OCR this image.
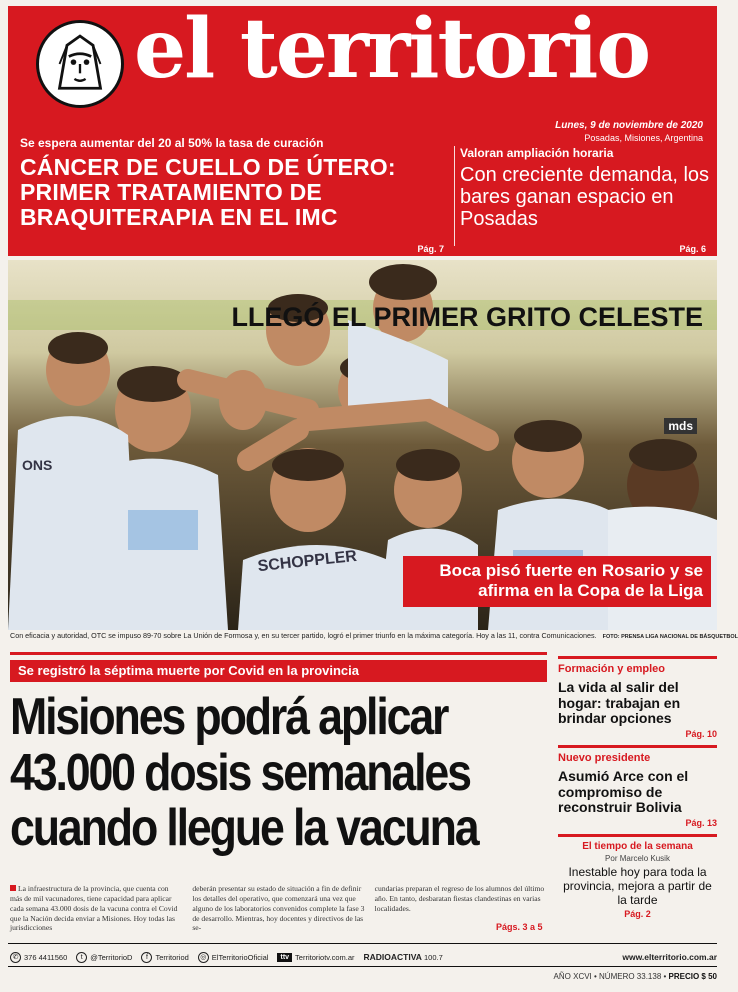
el territorio
Lunes, 9 de noviembre de 2020
Posadas, Misiones, Argentina
Se espera aumentar del 20 al 50% la tasa de curación
CÁNCER DE CUELLO DE ÚTERO: PRIMER TRATAMIENTO DE BRAQUITERAPIA EN EL IMC
Pág. 7
Valoran ampliación horaria
Con creciente demanda, los bares ganan espacio en Posadas
Pág. 6
SCHOPPLER
ONS
LLEGÓ EL PRIMER GRITO CELESTE
mds
Boca pisó fuerte en Rosario y se afirma en la Copa de la Liga
Con eficacia y autoridad, OTC se impuso 89-70 sobre La Unión de Formosa y, en su tercer partido, logró el primer triunfo en la máxima categoría. Hoy a las 11, contra Comunicaciones. FOTO: PRENSA LIGA NACIONAL DE BÁSQUETBOL
Se registró la séptima muerte por Covid en la provincia
Misiones podrá aplicar 43.000 dosis semanales cuando llegue la vacuna
La infraestructura de la provincia, que cuenta con más de mil vacunadores, tiene capacidad para aplicar cada semana 43.000 dosis de la vacuna contra el Covid que la Nación decida enviar a Misiones. Hoy todas las jurisdicciones
deberán presentar su estado de situación a fin de definir los detalles del operativo, que comenzará una vez que alguno de los laboratorios convenidos complete la fase 3 de desarrollo. Mientras, hoy docentes y directivos de las se-
cundarias preparan el regreso de los alumnos del último año. En tanto, desbaratan fiestas clandestinas en varias localidades.
Págs. 3 a 5
Formación y empleo
La vida al salir del hogar: trabajan en brindar opciones
Pág. 10
Nuevo presidente
Asumió Arce con el compromiso de reconstruir Bolivia
Pág. 13
El tiempo de la semana
Por Marcelo Kusik
Inestable hoy para toda la provincia, mejora a partir de la tarde
Pág. 2
✆ 376 4411560	t	@TerritorioD	f	Territoriod	◎ ElTerritorioOficial	ttv Territoriotv.com.ar RADIOACTIVA
100.7	www.elterritorio.com.ar
AÑO XCVI • NÚMERO 33.138 • PRECIO $ 50
